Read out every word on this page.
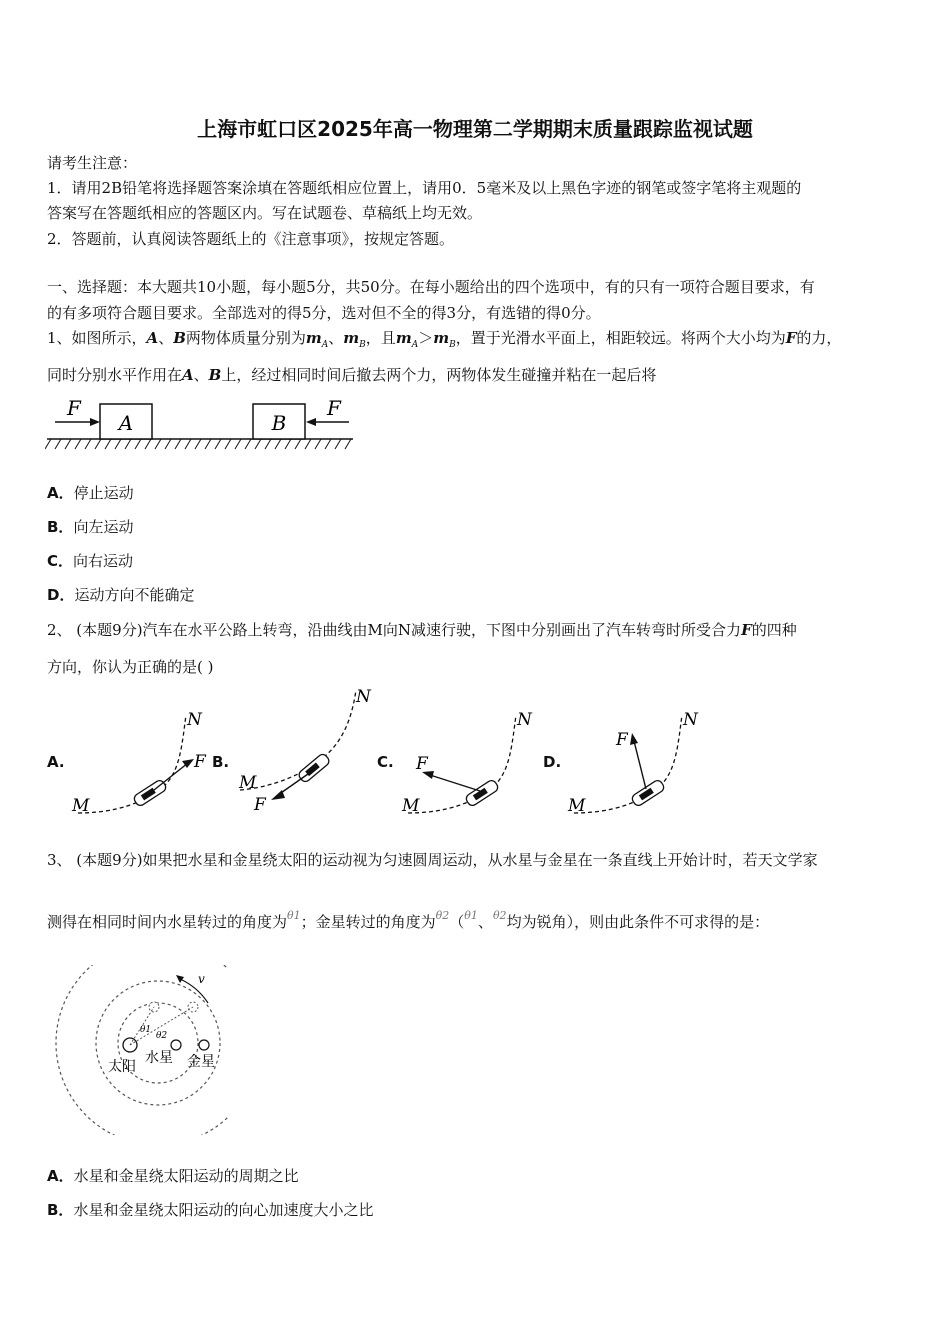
上海市虹口区2025年高一物理第二学期期末质量跟踪监视试题
请考生注意：
1．请用2B铅笔将选择题答案涂填在答题纸相应位置上，请用0．5毫米及以上黑色字迹的钢笔或签字笔将主观题的
答案写在答题纸相应的答题区内。写在试题卷、草稿纸上均无效。
2．答题前，认真阅读答题纸上的《注意事项》，按规定答题。
一、选择题：本大题共10小题，每小题5分，共50分。在每小题给出的四个选项中，有的只有一项符合题目要求，有
的有多项符合题目要求。全部选对的得5分，选对但不全的得3分，有选错的得0分。
1、如图所示，A、B两物体质量分别为$m_A$、$m_B$，且$m_A>m_B$，置于光滑水平面上，相距较远。将两个大小均为F的力，
同时分别水平作用在A、B上，经过相同时间后撤去两个力，两物体发生碰撞并粘在一起后将
A	B
F	F
A．停止运动
B．向左运动
C．向右运动
D．运动方向不能确定
2、 (本题9分)汽车在水平公路上转弯，沿曲线由M向N减速行驶，下图中分别画出了汽车转弯时所受合力F的四种
方向，你认为正确的是( )
A.
M
N
F B.
M
N
F
C.
M
N
F	D.
M
N
F
3、 (本题9分)如果把水星和金星绕太阳的运动视为匀速圆周运动，从水星与金星在一条直线上开始计时，若天文学家
测得在相同时间内水星转过的角度为$^{\theta 1}$；金星转过的角度为$^{\theta 2}$（$^{\theta 1}$、$^{\theta 2}$均为锐角），则由此条件不可求得的是：
v
θ1
θ2
太阳
水星 金星
A．水星和金星绕太阳运动的周期之比
B．水星和金星绕太阳运动的向心加速度大小之比
